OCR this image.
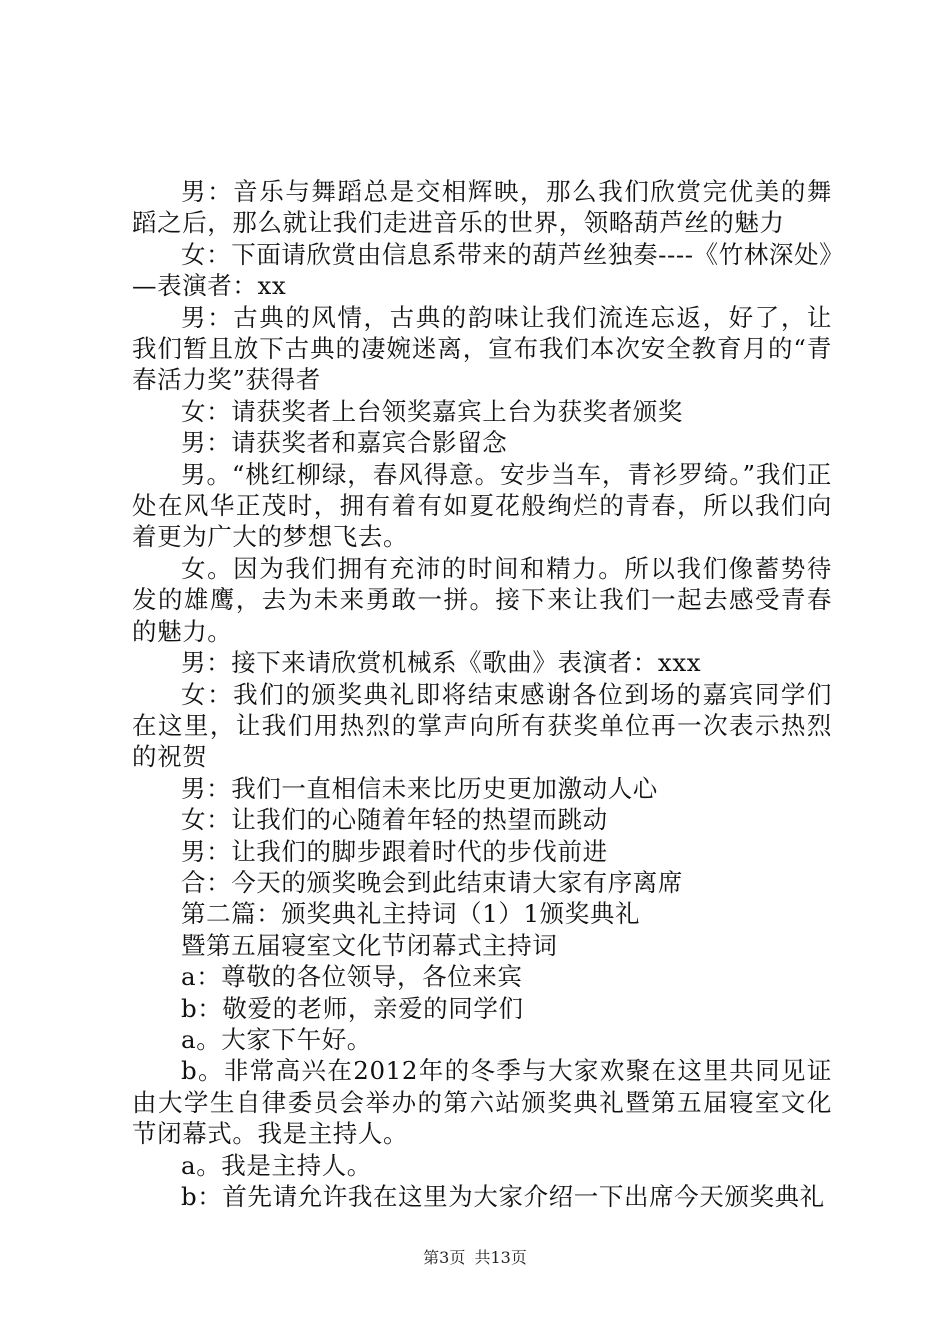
男：音乐与舞蹈总是交相辉映，那么我们欣赏完优美的舞蹈之后，那么就让我们走进音乐的世界，领略葫芦丝的魅力

女：下面请欣赏由信息系带来的葫芦丝独奏----《竹林深处》—表演者：xx

男：古典的风情，古典的韵味让我们流连忘返，好了，让我们暂且放下古典的凄婉迷离，宣布我们本次安全教育月的“青春活力奖”获得者

女：请获奖者上台领奖嘉宾上台为获奖者颁奖

男：请获奖者和嘉宾合影留念

男。“桃红柳绿，春风得意。安步当车，青衫罗绮。”我们正处在风华正茂时，拥有着有如夏花般绚烂的青春，所以我们向着更为广大的梦想飞去。

女。因为我们拥有充沛的时间和精力。所以我们像蓄势待发的雄鹰，去为未来勇敢一拼。接下来让我们一起去感受青春的魅力。

男：接下来请欣赏机械系《歌曲》表演者：xxx

女：我们的颁奖典礼即将结束感谢各位到场的嘉宾同学们在这里，让我们用热烈的掌声向所有获奖单位再一次表示热烈的祝贺

男：我们一直相信未来比历史更加激动人心

女：让我们的心随着年轻的热望而跳动

男：让我们的脚步跟着时代的步伐前进

合：今天的颁奖晚会到此结束请大家有序离席

第二篇：颁奖典礼主持词（1）1颁奖典礼

暨第五届寝室文化节闭幕式主持词

a：尊敬的各位领导，各位来宾

b：敬爱的老师，亲爱的同学们

a。大家下午好。

b。非常高兴在2012年的冬季与大家欢聚在这里共同见证由大学生自律委员会举办的第六站颁奖典礼暨第五届寝室文化节闭幕式。我是主持人。

a。我是主持人。

b：首先请允许我在这里为大家介绍一下出席今天颁奖典礼

第3页 共13页
